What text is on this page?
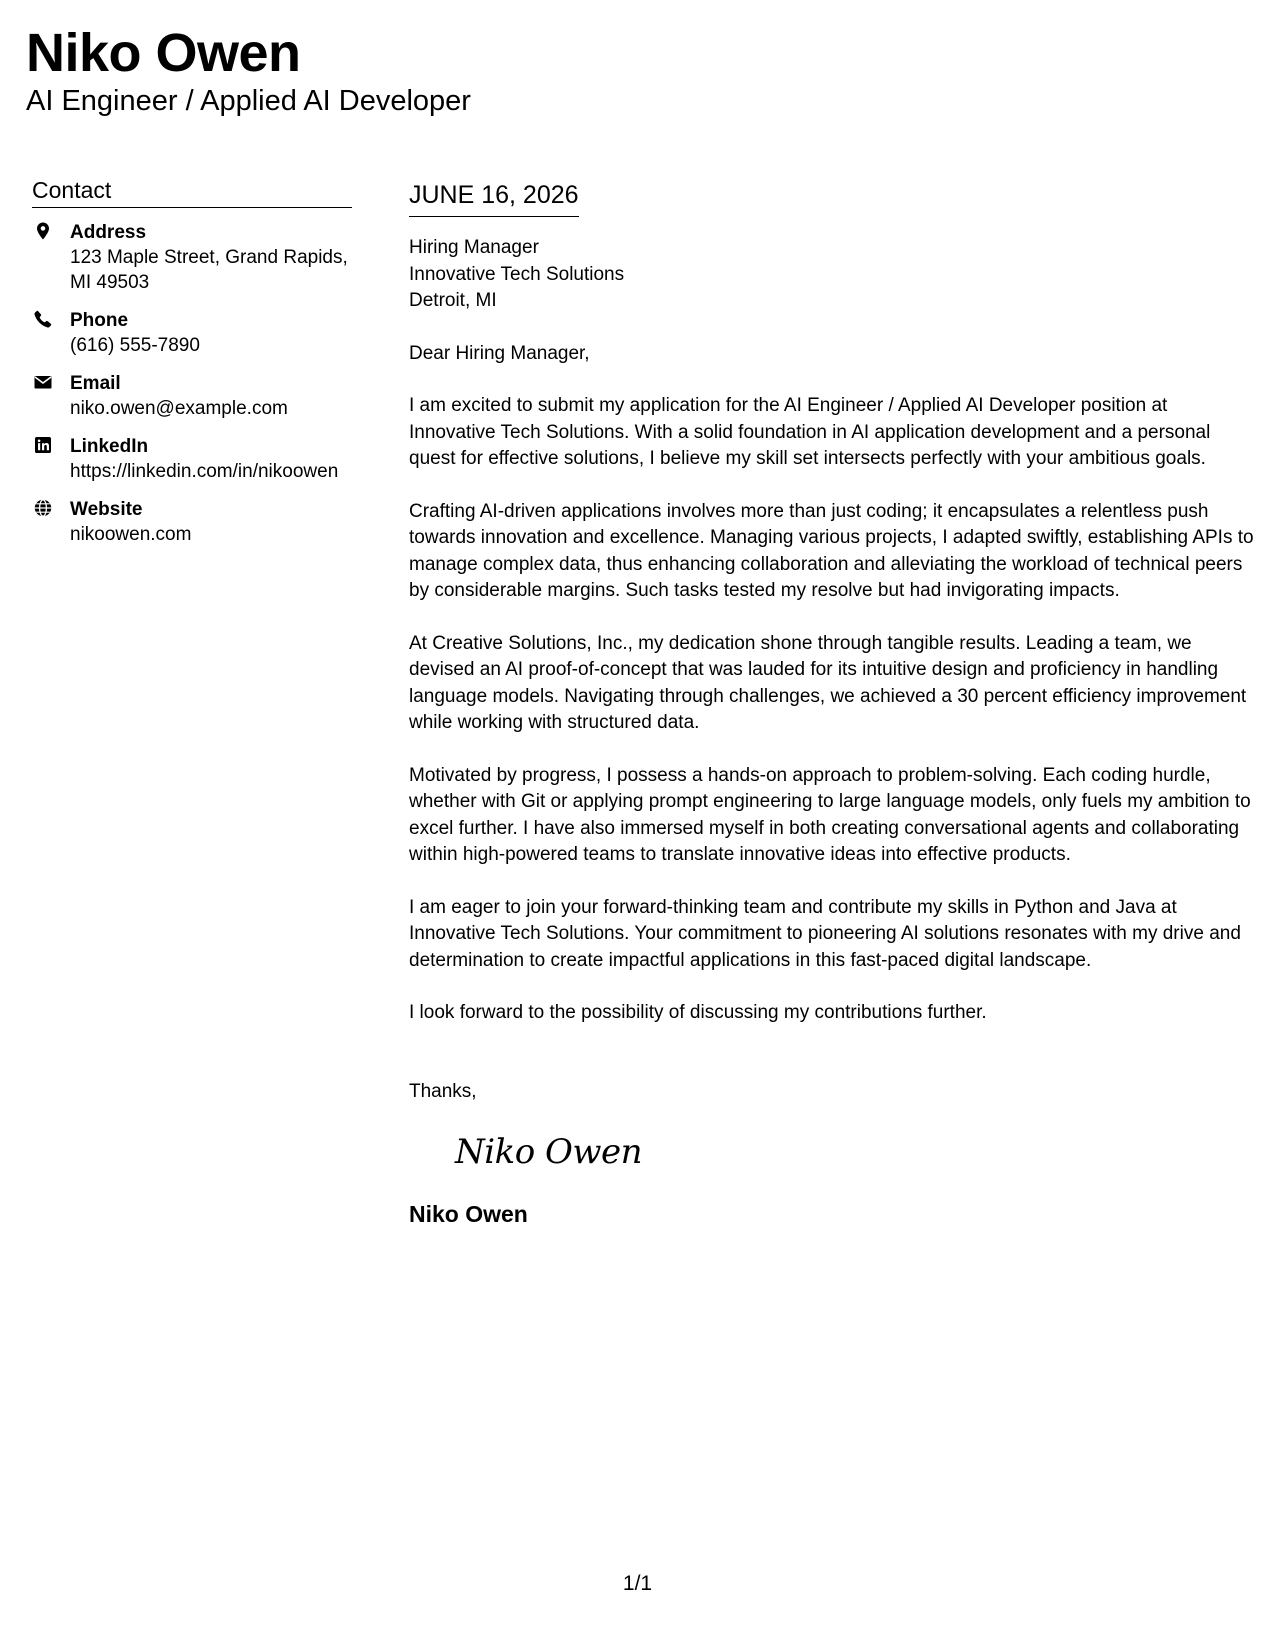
Niko Owen
AI Engineer / Applied AI Developer
Contact
Address
123 Maple Street, Grand Rapids, MI 49503
Phone
(616) 555-7890
Email
niko.owen@example.com
LinkedIn
https://linkedin.com/in/nikoowen
Website
nikoowen.com
JUNE 16, 2026
Hiring Manager
Innovative Tech Solutions
Detroit, MI
Dear Hiring Manager,
I am excited to submit my application for the AI Engineer / Applied AI Developer position at Innovative Tech Solutions. With a solid foundation in AI application development and a personal quest for effective solutions, I believe my skill set intersects perfectly with your ambitious goals.
Crafting AI-driven applications involves more than just coding; it encapsulates a relentless push towards innovation and excellence. Managing various projects, I adapted swiftly, establishing APIs to manage complex data, thus enhancing collaboration and alleviating the workload of technical peers by considerable margins. Such tasks tested my resolve but had invigorating impacts.
At Creative Solutions, Inc., my dedication shone through tangible results. Leading a team, we devised an AI proof-of-concept that was lauded for its intuitive design and proficiency in handling language models. Navigating through challenges, we achieved a 30 percent efficiency improvement while working with structured data.
Motivated by progress, I possess a hands-on approach to problem-solving. Each coding hurdle, whether with Git or applying prompt engineering to large language models, only fuels my ambition to excel further. I have also immersed myself in both creating conversational agents and collaborating within high-powered teams to translate innovative ideas into effective products.
I am eager to join your forward-thinking team and contribute my skills in Python and Java at Innovative Tech Solutions. Your commitment to pioneering AI solutions resonates with my drive and determination to create impactful applications in this fast-paced digital landscape.
I look forward to the possibility of discussing my contributions further.
Thanks,
Niko Owen
Niko Owen
1/1
